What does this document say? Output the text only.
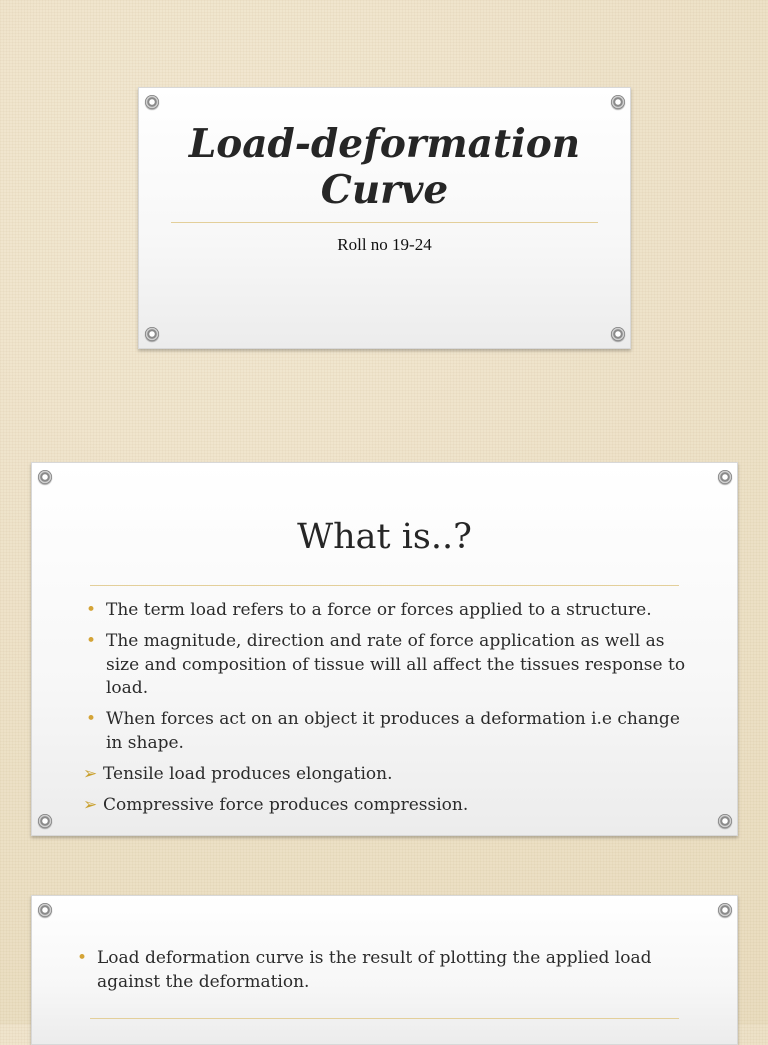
Load-deformation
Curve
Roll no 19-24
What is..?
• The term load refers to a force or forces applied to a structure.
• The magnitude, direction and rate of force application as well as size and composition of tissue will all affect the tissues response to load.
• When forces act on an object it produces a deformation i.e change in shape.
➢ Tensile load produces elongation.
➢ Compressive force produces compression.
• Load deformation curve is the result of plotting the applied load against the deformation.
